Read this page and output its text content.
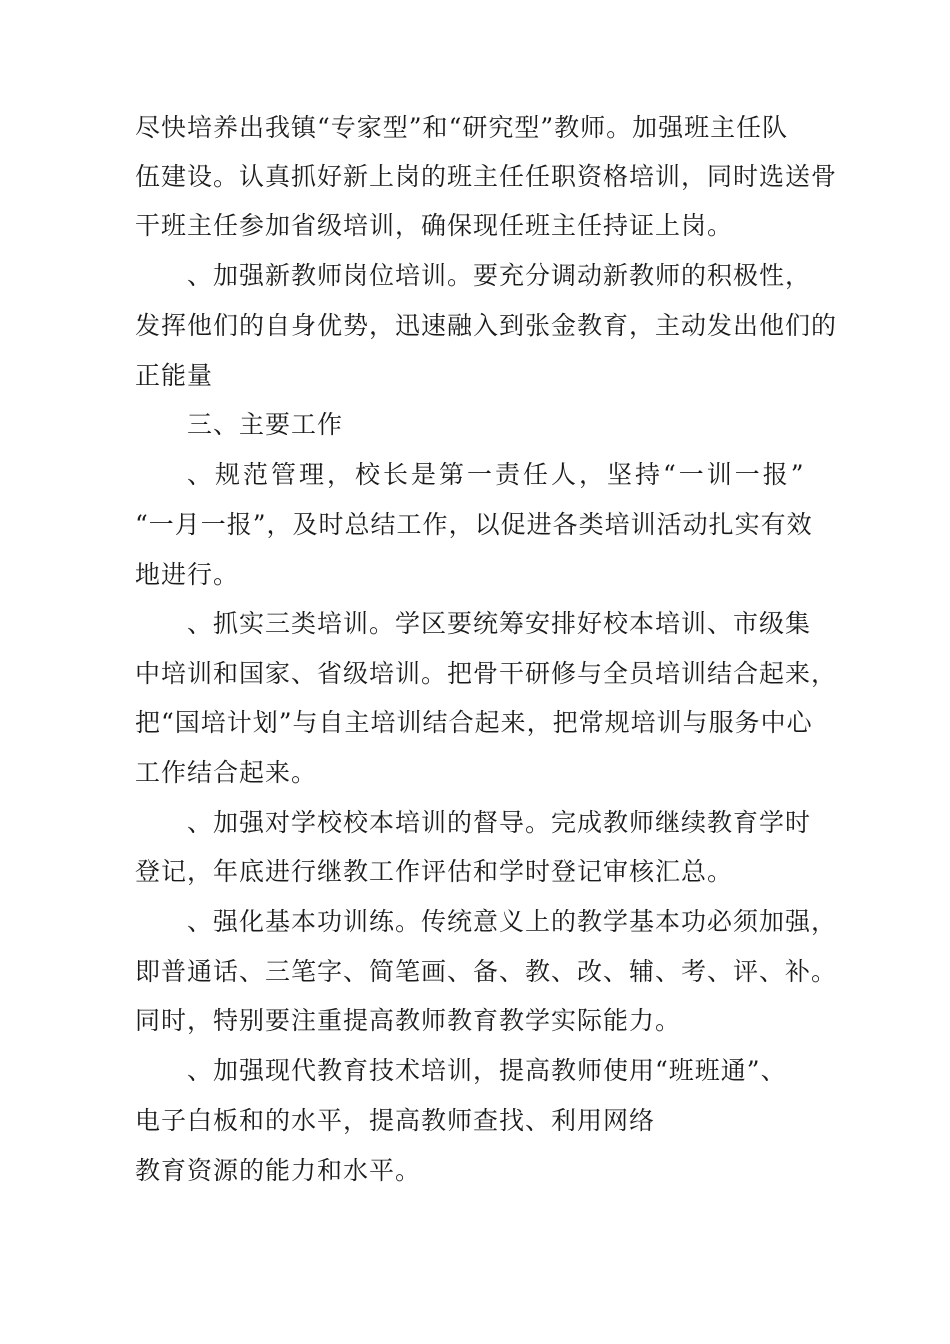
尽快培养出我镇“专家型”和“研究型”教师。加强班主任队
伍建设。认真抓好新上岗的班主任任职资格培训，同时选送骨
干班主任参加省级培训，确保现任班主任持证上岗。
、加强新教师岗位培训。要充分调动新教师的积极性，
发挥他们的自身优势，迅速融入到张金教育，主动发出他们的
正能量
三、主要工作
、规范管理，校长是第一责任人，坚持“一训一报”
“一月一报”，及时总结工作，以促进各类培训活动扎实有效
地进行。
、抓实三类培训。学区要统筹安排好校本培训、市级集
中培训和国家、省级培训。把骨干研修与全员培训结合起来，
把“国培计划”与自主培训结合起来，把常规培训与服务中心
工作结合起来。
、加强对学校校本培训的督导。完成教师继续教育学时
登记，年底进行继教工作评估和学时登记审核汇总。
、强化基本功训练。传统意义上的教学基本功必须加强，
即普通话、三笔字、简笔画、备、教、改、辅、考、评、补。
同时，特别要注重提高教师教育教学实际能力。
、加强现代教育技术培训，提高教师使用“班班通”、
电子白板和的水平，提高教师查找、利用网络
教育资源的能力和水平。
